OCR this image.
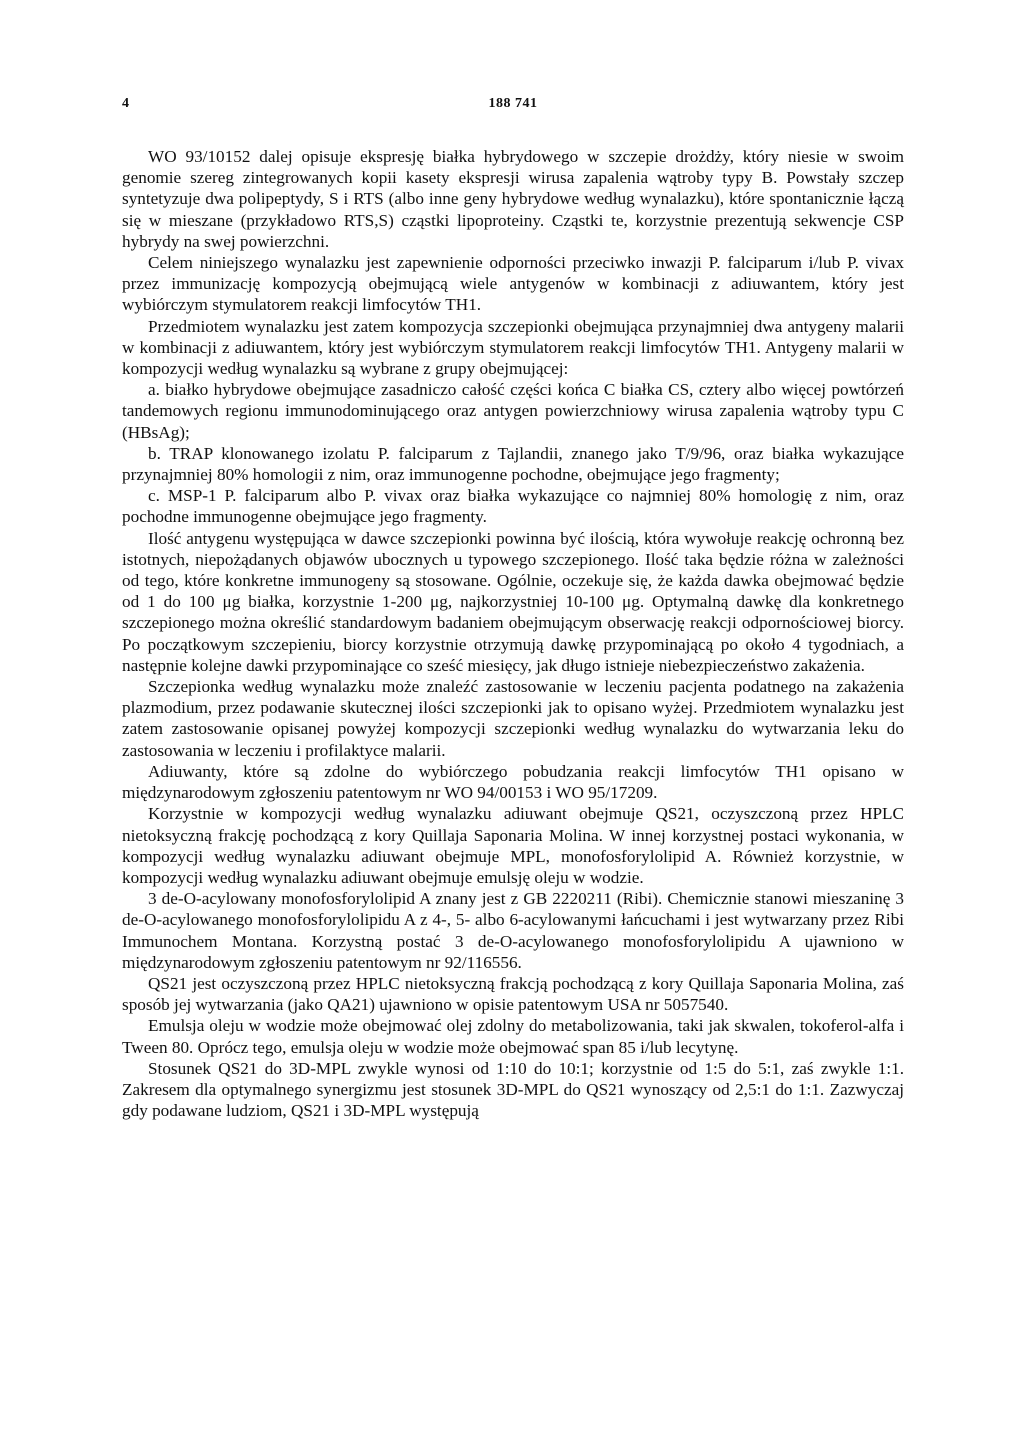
4	188 741

WO 93/10152 dalej opisuje ekspresję białka hybrydowego w szczepie drożdży, który niesie w swoim genomie szereg zintegrowanych kopii kasety ekspresji wirusa zapalenia wątroby typy B. Powstały szczep syntetyzuje dwa polipeptydy, S i RTS (albo inne geny hybrydowe według wynalazku), które spontanicznie łączą się w mieszane (przykładowo RTS,S) cząstki lipoproteiny. Cząstki te, korzystnie prezentują sekwencje CSP hybrydy na swej powierzchni.

Celem niniejszego wynalazku jest zapewnienie odporności przeciwko inwazji P. falciparum i/lub P. vivax przez immunizację kompozycją obejmującą wiele antygenów w kombinacji z adiuwantem, który jest wybiórczym stymulatorem reakcji limfocytów TH1.

Przedmiotem wynalazku jest zatem kompozycja szczepionki obejmująca przynajmniej dwa antygeny malarii w kombinacji z adiuwantem, który jest wybiórczym stymulatorem reakcji limfocytów TH1. Antygeny malarii w kompozycji według wynalazku są wybrane z grupy obejmującej:

a. białko hybrydowe obejmujące zasadniczo całość części końca C białka CS, cztery albo więcej powtórzeń tandemowych regionu immunodominującego oraz antygen powierzchniowy wirusa zapalenia wątroby typu C (HBsAg);

b. TRAP klonowanego izolatu P. falciparum z Tajlandii, znanego jako T/9/96, oraz białka wykazujące przynajmniej 80% homologii z nim, oraz immunogenne pochodne, obejmujące jego fragmenty;

c. MSP-1 P. falciparum albo P. vivax oraz białka wykazujące co najmniej 80% homologię z nim, oraz pochodne immunogenne obejmujące jego fragmenty.

Ilość antygenu występująca w dawce szczepionki powinna być ilością, która wywołuje reakcję ochronną bez istotnych, niepożądanych objawów ubocznych u typowego szczepionego. Ilość taka będzie różna w zależności od tego, które konkretne immunogeny są stosowane. Ogólnie, oczekuje się, że każda dawka obejmować będzie od 1 do 100 μg białka, korzystnie 1-200 μg, najkorzystniej 10-100 μg. Optymalną dawkę dla konkretnego szczepionego można określić standardowym badaniem obejmującym obserwację reakcji odpornościowej biorcy. Po początkowym szczepieniu, biorcy korzystnie otrzymują dawkę przypominającą po około 4 tygodniach, a następnie kolejne dawki przypominające co sześć miesięcy, jak długo istnieje niebezpieczeństwo zakażenia.

Szczepionka według wynalazku może znaleźć zastosowanie w leczeniu pacjenta podatnego na zakażenia plazmodium, przez podawanie skutecznej ilości szczepionki jak to opisano wyżej. Przedmiotem wynalazku jest zatem zastosowanie opisanej powyżej kompozycji szczepionki według wynalazku do wytwarzania leku do zastosowania w leczeniu i profilaktyce malarii.

Adiuwanty, które są zdolne do wybiórczego pobudzania reakcji limfocytów TH1 opisano w międzynarodowym zgłoszeniu patentowym nr WO 94/00153 i WO 95/17209.

Korzystnie w kompozycji według wynalazku adiuwant obejmuje QS21, oczyszczoną przez HPLC nietoksyczną frakcję pochodzącą z kory Quillaja Saponaria Molina. W innej korzystnej postaci wykonania, w kompozycji według wynalazku adiuwant obejmuje MPL, monofosforylolipid A. Również korzystnie, w kompozycji według wynalazku adiuwant obejmuje emulsję oleju w wodzie.

3 de-O-acylowany monofosforylolipid A znany jest z GB 2220211 (Ribi). Chemicznie stanowi mieszaninę 3 de-O-acylowanego monofosforylolipidu A z 4-, 5- albo 6-acylowanymi łańcuchami i jest wytwarzany przez Ribi Immunochem Montana. Korzystną postać 3 de-O-acylowanego monofosforylolipidu A ujawniono w międzynarodowym zgłoszeniu patentowym nr 92/116556.

QS21 jest oczyszczoną przez HPLC nietoksyczną frakcją pochodzącą z kory Quillaja Saponaria Molina, zaś sposób jej wytwarzania (jako QA21) ujawniono w opisie patentowym USA nr 5057540.

Emulsja oleju w wodzie może obejmować olej zdolny do metabolizowania, taki jak skwalen, tokoferol-alfa i Tween 80. Oprócz tego, emulsja oleju w wodzie może obejmować span 85 i/lub lecytynę.

Stosunek QS21 do 3D-MPL zwykle wynosi od 1:10 do 10:1; korzystnie od 1:5 do 5:1, zaś zwykle 1:1. Zakresem dla optymalnego synergizmu jest stosunek 3D-MPL do QS21 wynoszący od 2,5:1 do 1:1. Zazwyczaj gdy podawane ludziom, QS21 i 3D-MPL występują
